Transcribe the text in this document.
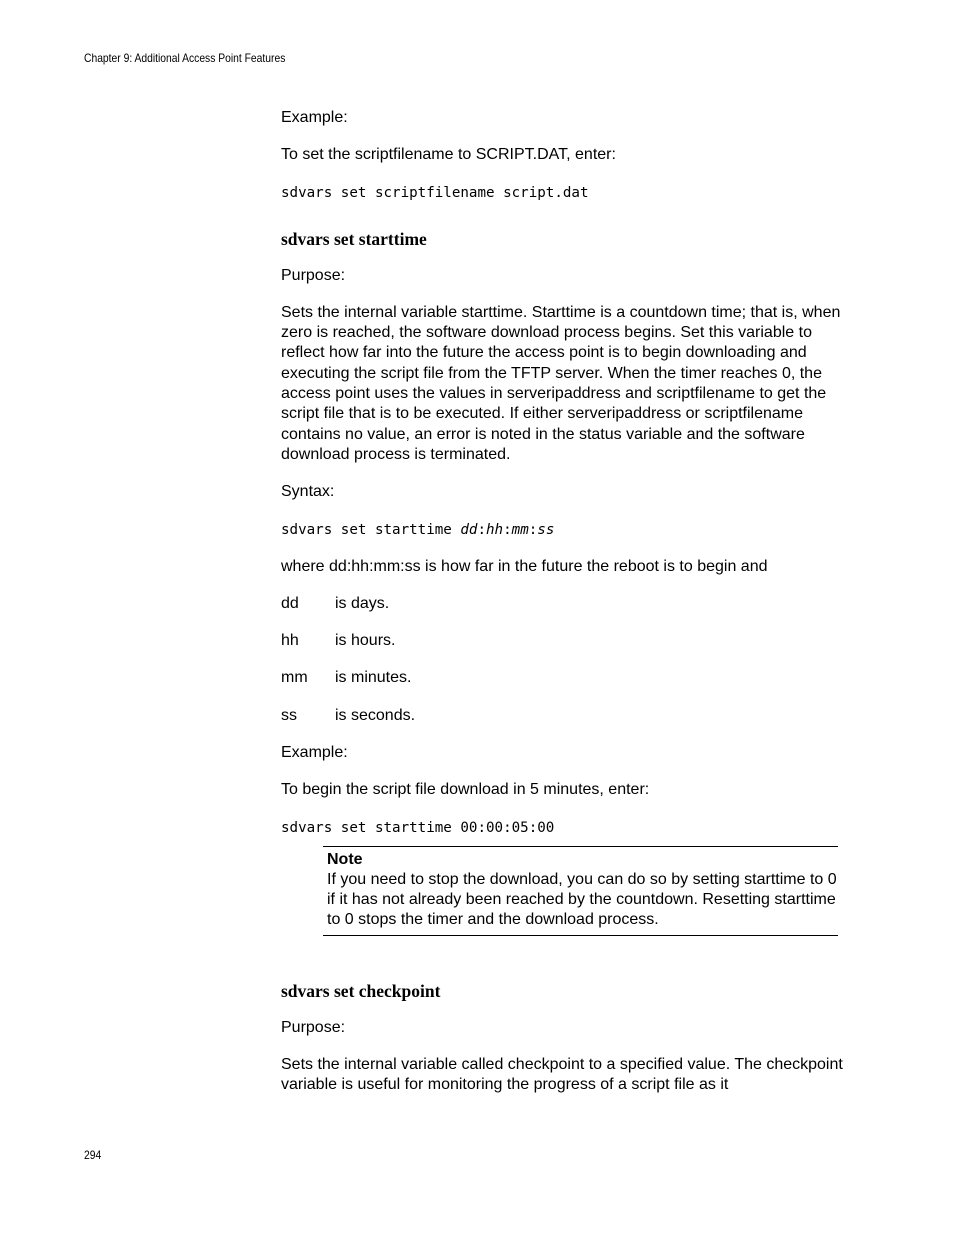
Chapter 9: Additional Access Point Features
Example:
To set the scriptfilename to SCRIPT.DAT, enter:
sdvars set scriptfilename script.dat
sdvars set starttime
Purpose:
Sets the internal variable starttime. Starttime is a countdown time; that is, when zero is reached, the software download process begins. Set this variable to reflect how far into the future the access point is to begin downloading and executing the script file from the TFTP server. When the timer reaches 0, the access point uses the values in serveripaddress and scriptfilename to get the script file that is to be executed. If either serveripaddress or scriptfilename contains no value, an error is noted in the status variable and the software download process is terminated.
Syntax:
sdvars set starttime dd:hh:mm:ss
where dd:hh:mm:ss is how far in the future the reboot is to begin and
dd	is days.
hh	is hours.
mm	is minutes.
ss	is seconds.
Example:
To begin the script file download in 5 minutes, enter:
sdvars set starttime 00:00:05:00
Note
If you need to stop the download, you can do so by setting starttime to 0 if it has not already been reached by the countdown. Resetting starttime to 0 stops the timer and the download process.
sdvars set checkpoint
Purpose:
Sets the internal variable called checkpoint to a specified value. The checkpoint variable is useful for monitoring the progress of a script file as it
294
